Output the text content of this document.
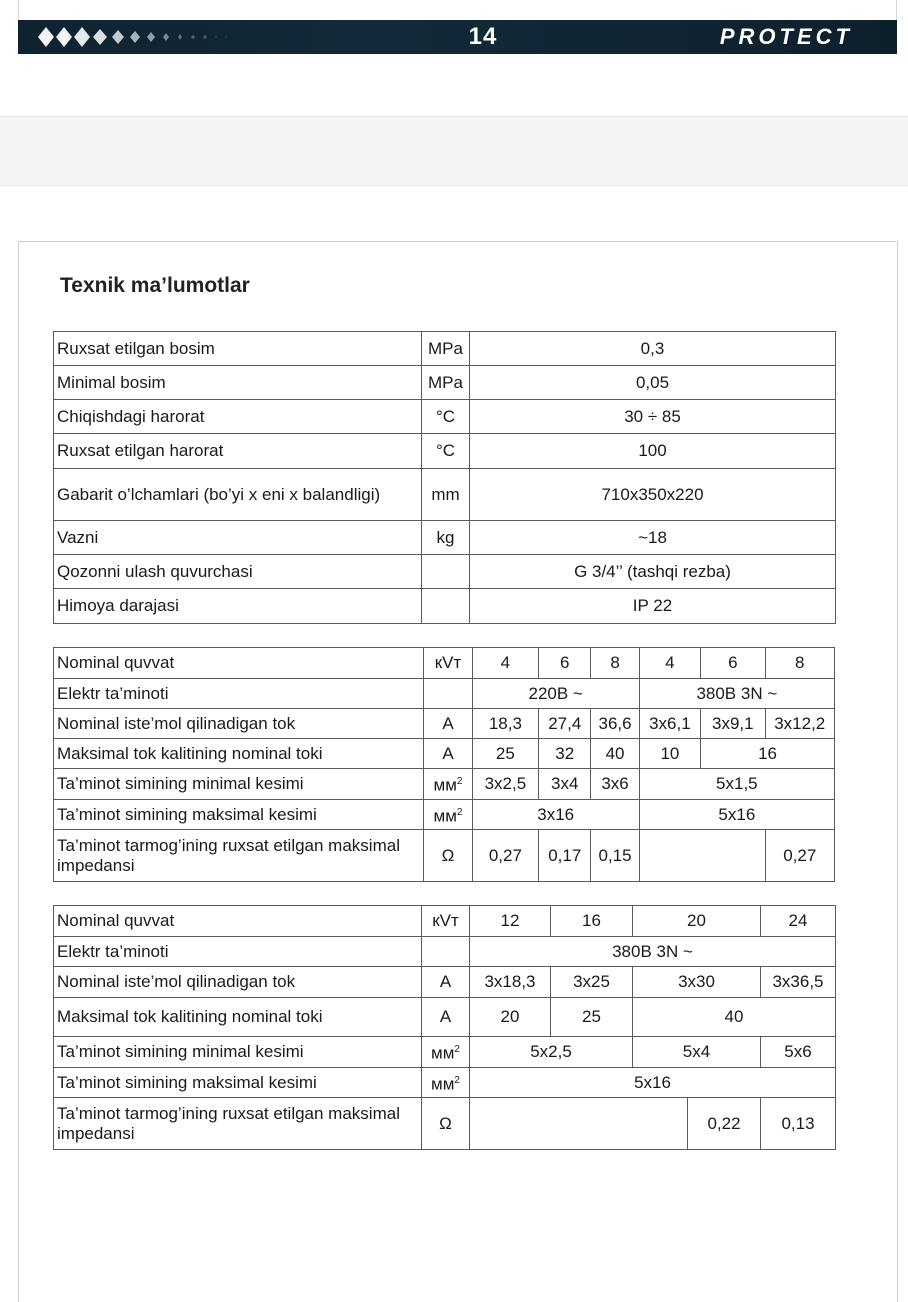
14	PROTECT
Texnik ma’lumotlar
Ruxsat etilgan bosim	MPa	0,3
Minimal bosim	MPa	0,05
Chiqishdagi harorat	°C	30 ÷ 85
Ruxsat etilgan harorat	°C	100
Gabarit o’lchamlari (bo’yi x eni x balandligi)	mm	710x350x220
Vazni	kg	~18
Qozonni ulash quvurchasi		G 3/4’’ (tashqi rezba)
Himoya darajasi		IP 22
Nominal quvvat	кVт	4	6	8	4	6	8
Elektr ta’minoti		220В ~			380В 3N ~		
Nominal iste’mol qilinadigan tok	A	18,3	27,4	36,6	3x6,1	3x9,1	3x12,2
Maksimal tok kalitining nominal toki	A	25	32	40	10	16	
Ta’minot simining minimal kesimi	$мм^2$	3x2,5	3x4	3x6	5x1,5		
Ta’minot simining maksimal kesimi	$мм^2$	3x16			5x16		
Ta’minot tarmog’ining ruxsat etilgan maksimal impedansi	Ω	0,27	0,17	0,15			0,27
Nominal quvvat	кVт	12	16	20		24
Elektr ta’minoti		380В 3N ~				
Nominal iste’mol qilinadigan tok	A	3x18,3	3x25	3x30		3x36,5
Maksimal tok kalitining nominal toki	A	20	25	40		
Ta’minot simining minimal kesimi	$мм^2$	5x2,5		5x4		5x6
Ta’minot simining maksimal kesimi	$мм^2$	5x16				
Ta’minot tarmog’ining ruxsat etilgan maksimal impedansi	Ω				0,22	0,13
